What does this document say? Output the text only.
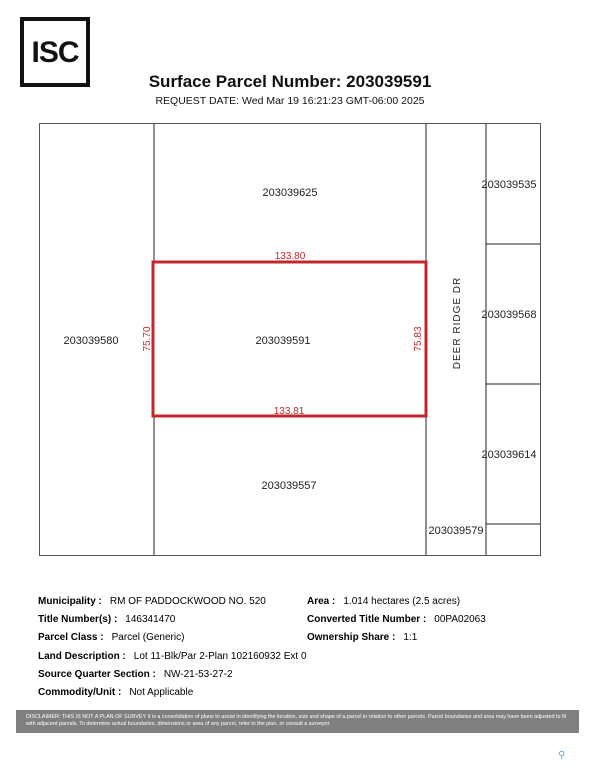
ISC
Surface Parcel Number: 203039591
REQUEST DATE: Wed Mar 19 16:21:23 GMT-06:00 2025
203039625
203039580	203039591
203039557
203039535
203039568
203039614
203039579
DEER RIDGE DR
133.80
133.81
75.70	75.83
Municipality : RM OF PADDOCKWOOD NO. 520
Title Number(s) : 146341470
Parcel Class : Parcel (Generic)
Land Description : Lot 11-Blk/Par 2-Plan 102160932 Ext 0
Source Quarter Section : NW-21-53-27-2
Commodity/Unit : Not Applicable
Area : 1.014 hectares (2.5 acres)
Converted Title Number : 00PA02063
Ownership Share : 1:1
DISCLAIMER: THIS IS NOT A PLAN OF SURVEY It is a consolidation of plans to assist in identifying the location, size and shape of a parcel in relation to other parcels. Parcel boundaries and area may have been adjusted to fit with adjacent parcels. To determine actual boundaries, dimensions or area of any parcel, refer to the plan, or consult a surveyor.
⚲
